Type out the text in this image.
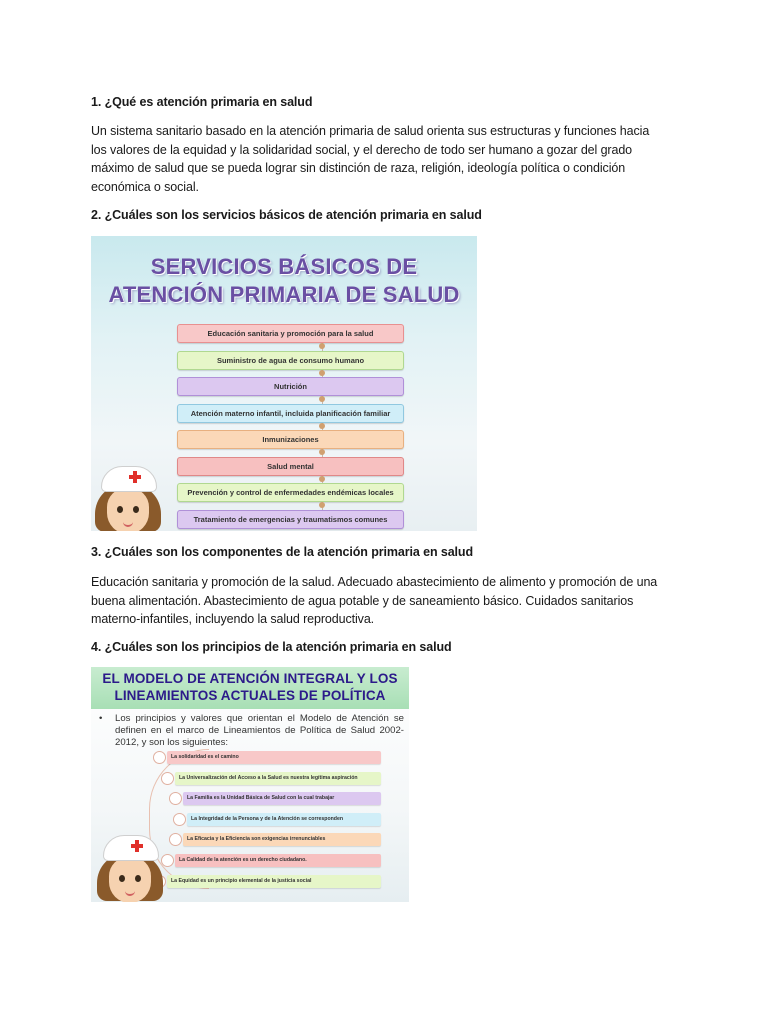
1. ¿Qué es atención primaria en salud
Un sistema sanitario basado en la atención primaria de salud orienta sus estructuras y funciones hacia
los valores de la equidad y la solidaridad social, y el derecho de todo ser humano a gozar del grado
máximo de salud que se pueda lograr sin distinción de raza, religión, ideología política o condición
económica o social.
2. ¿Cuáles son los servicios básicos de atención primaria en salud
SERVICIOS BÁSICOS DE
ATENCIÓN PRIMARIA DE SALUD
Educación sanitaria y promoción para la salud
Suministro de agua de consumo humano
Nutrición
Atención materno infantil, incluida planificación familiar
Inmunizaciones
Salud mental
Prevención y control de enfermedades endémicas locales
Tratamiento de emergencias y traumatismos comunes
3. ¿Cuáles son los componentes de la atención primaria en salud
Educación sanitaria y promoción de la salud. Adecuado abastecimiento de alimento y promoción de una
buena alimentación. Abastecimiento de agua potable y de saneamiento básico. Cuidados sanitarios
materno-infantiles, incluyendo la salud reproductiva.
4. ¿Cuáles son los principios de la atención primaria en salud
EL MODELO DE ATENCIÓN INTEGRAL Y LOS
LINEAMIENTOS ACTUALES DE POLÍTICA
•	Los principios y valores que orientan el Modelo de Atención se definen en el marco de Lineamientos de Política de Salud 2002-2012, y son los siguientes:
La solidaridad es el camino
La Universalización del Acceso a la Salud es nuestra legítima aspiración
La Familia es la Unidad Básica de Salud con la cual trabajar
La Integridad de la Persona y de la Atención se corresponden
La Eficacia y la Eficiencia son exigencias irrenunciables
La Calidad de la atención es un derecho ciudadano.
La Equidad es un principio elemental de la justicia social
